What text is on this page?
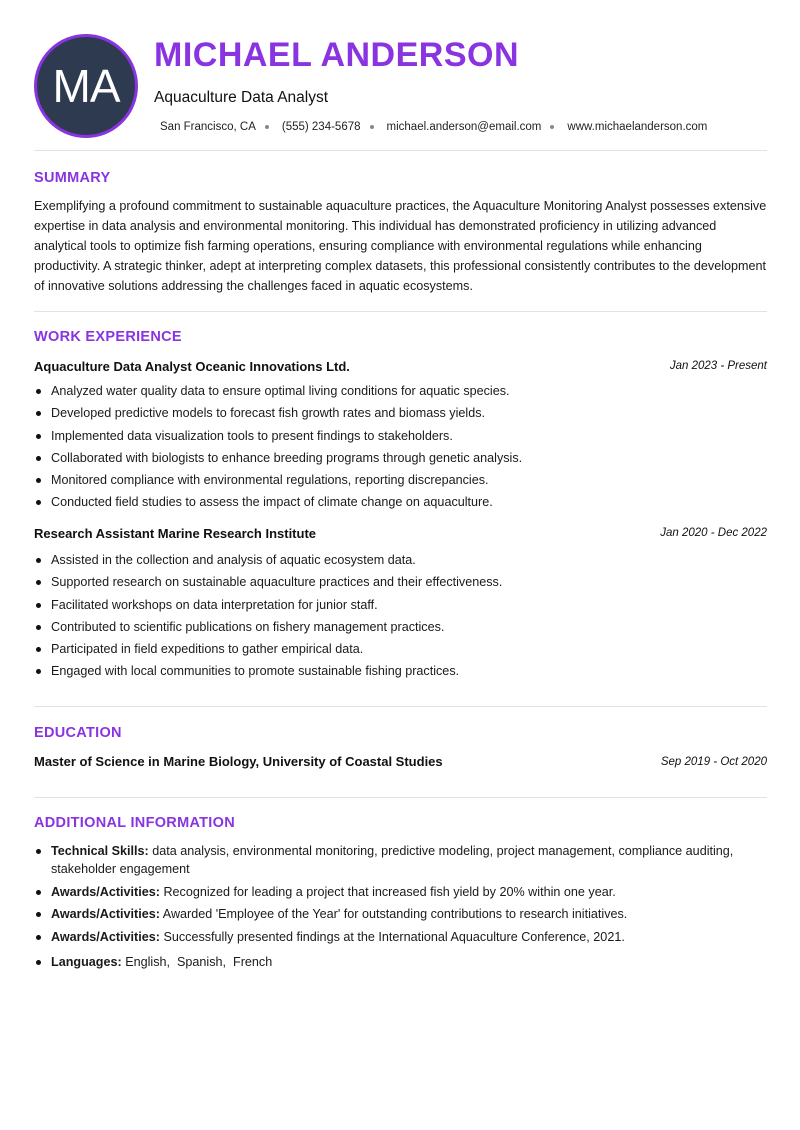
MA
MICHAEL ANDERSON
Aquaculture Data Analyst
San Francisco, CA (555) 234-5678 michael.anderson@email.com www.michaelanderson.com
SUMMARY

Exemplifying a profound commitment to sustainable aquaculture practices, the Aquaculture Monitoring Analyst possesses extensive expertise in data analysis and environmental monitoring. This individual has demonstrated proficiency in utilizing advanced analytical tools to optimize fish farming operations, ensuring compliance with environmental regulations while enhancing productivity. A strategic thinker, adept at interpreting complex datasets, this professional consistently contributes to the development of innovative solutions addressing the challenges faced in aquatic ecosystems.

WORK EXPERIENCE
Aquaculture Data Analyst Oceanic Innovations Ltd.	Jan 2023 - Present
Analyzed water quality data to ensure optimal living conditions for aquatic species.
Developed predictive models to forecast fish growth rates and biomass yields.
Implemented data visualization tools to present findings to stakeholders.
Collaborated with biologists to enhance breeding programs through genetic analysis.
Monitored compliance with environmental regulations, reporting discrepancies.
Conducted field studies to assess the impact of climate change on aquaculture.
Research Assistant Marine Research Institute	Jan 2020 - Dec 2022
Assisted in the collection and analysis of aquatic ecosystem data.
Supported research on sustainable aquaculture practices and their effectiveness.
Facilitated workshops on data interpretation for junior staff.
Contributed to scientific publications on fishery management practices.
Participated in field expeditions to gather empirical data.
Engaged with local communities to promote sustainable fishing practices.
EDUCATION
Master of Science in Marine Biology, University of Coastal Studies	Sep 2019 - Oct 2020
ADDITIONAL INFORMATION
Technical Skills: data analysis, environmental monitoring, predictive modeling, project management, compliance auditing, stakeholder engagement
Awards/Activities: Recognized for leading a project that increased fish yield by 20% within one year.
Awards/Activities: Awarded 'Employee of the Year' for outstanding contributions to research initiatives.
Awards/Activities: Successfully presented findings at the International Aquaculture Conference, 2021.
Languages: English,  Spanish,  French
